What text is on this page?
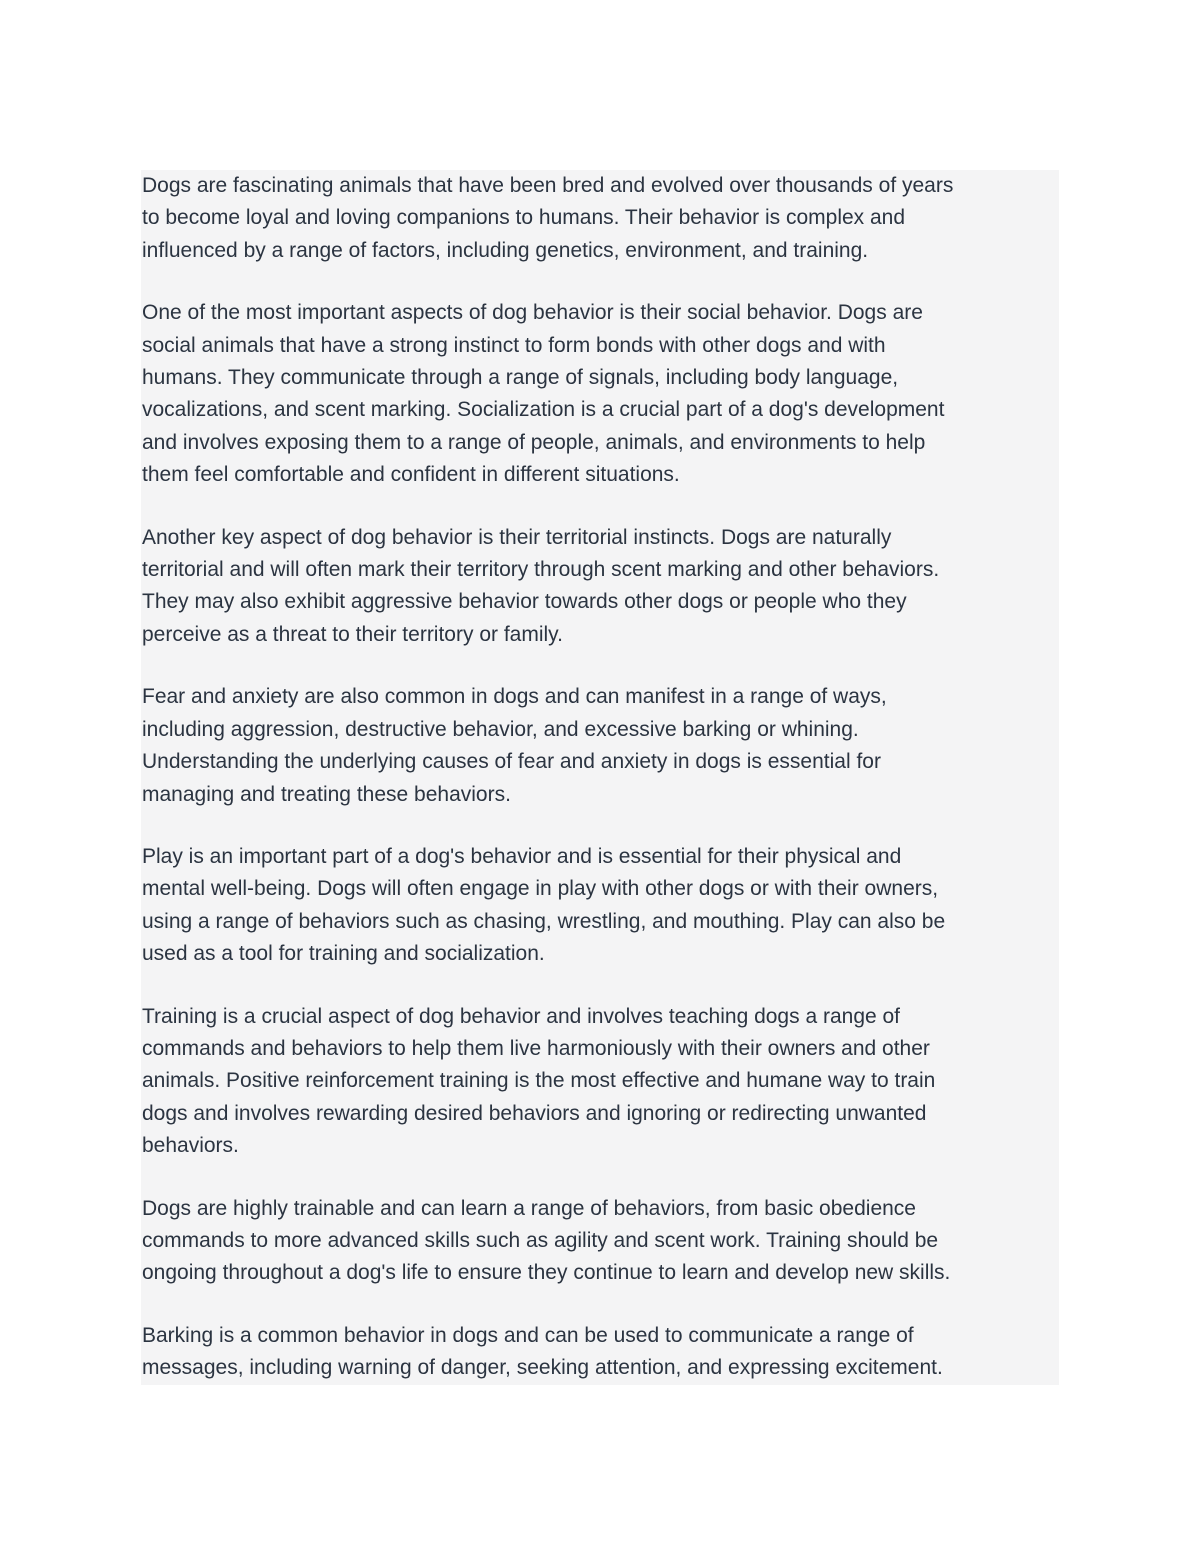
Dogs are fascinating animals that have been bred and evolved over thousands of years
to become loyal and loving companions to humans. Their behavior is complex and
influenced by a range of factors, including genetics, environment, and training.

One of the most important aspects of dog behavior is their social behavior. Dogs are
social animals that have a strong instinct to form bonds with other dogs and with
humans. They communicate through a range of signals, including body language,
vocalizations, and scent marking. Socialization is a crucial part of a dog's development
and involves exposing them to a range of people, animals, and environments to help
them feel comfortable and confident in different situations.

Another key aspect of dog behavior is their territorial instincts. Dogs are naturally
territorial and will often mark their territory through scent marking and other behaviors.
They may also exhibit aggressive behavior towards other dogs or people who they
perceive as a threat to their territory or family.

Fear and anxiety are also common in dogs and can manifest in a range of ways,
including aggression, destructive behavior, and excessive barking or whining.
Understanding the underlying causes of fear and anxiety in dogs is essential for
managing and treating these behaviors.

Play is an important part of a dog's behavior and is essential for their physical and
mental well-being. Dogs will often engage in play with other dogs or with their owners,
using a range of behaviors such as chasing, wrestling, and mouthing. Play can also be
used as a tool for training and socialization.

Training is a crucial aspect of dog behavior and involves teaching dogs a range of
commands and behaviors to help them live harmoniously with their owners and other
animals. Positive reinforcement training is the most effective and humane way to train
dogs and involves rewarding desired behaviors and ignoring or redirecting unwanted
behaviors.

Dogs are highly trainable and can learn a range of behaviors, from basic obedience
commands to more advanced skills such as agility and scent work. Training should be
ongoing throughout a dog's life to ensure they continue to learn and develop new skills.

Barking is a common behavior in dogs and can be used to communicate a range of
messages, including warning of danger, seeking attention, and expressing excitement.
